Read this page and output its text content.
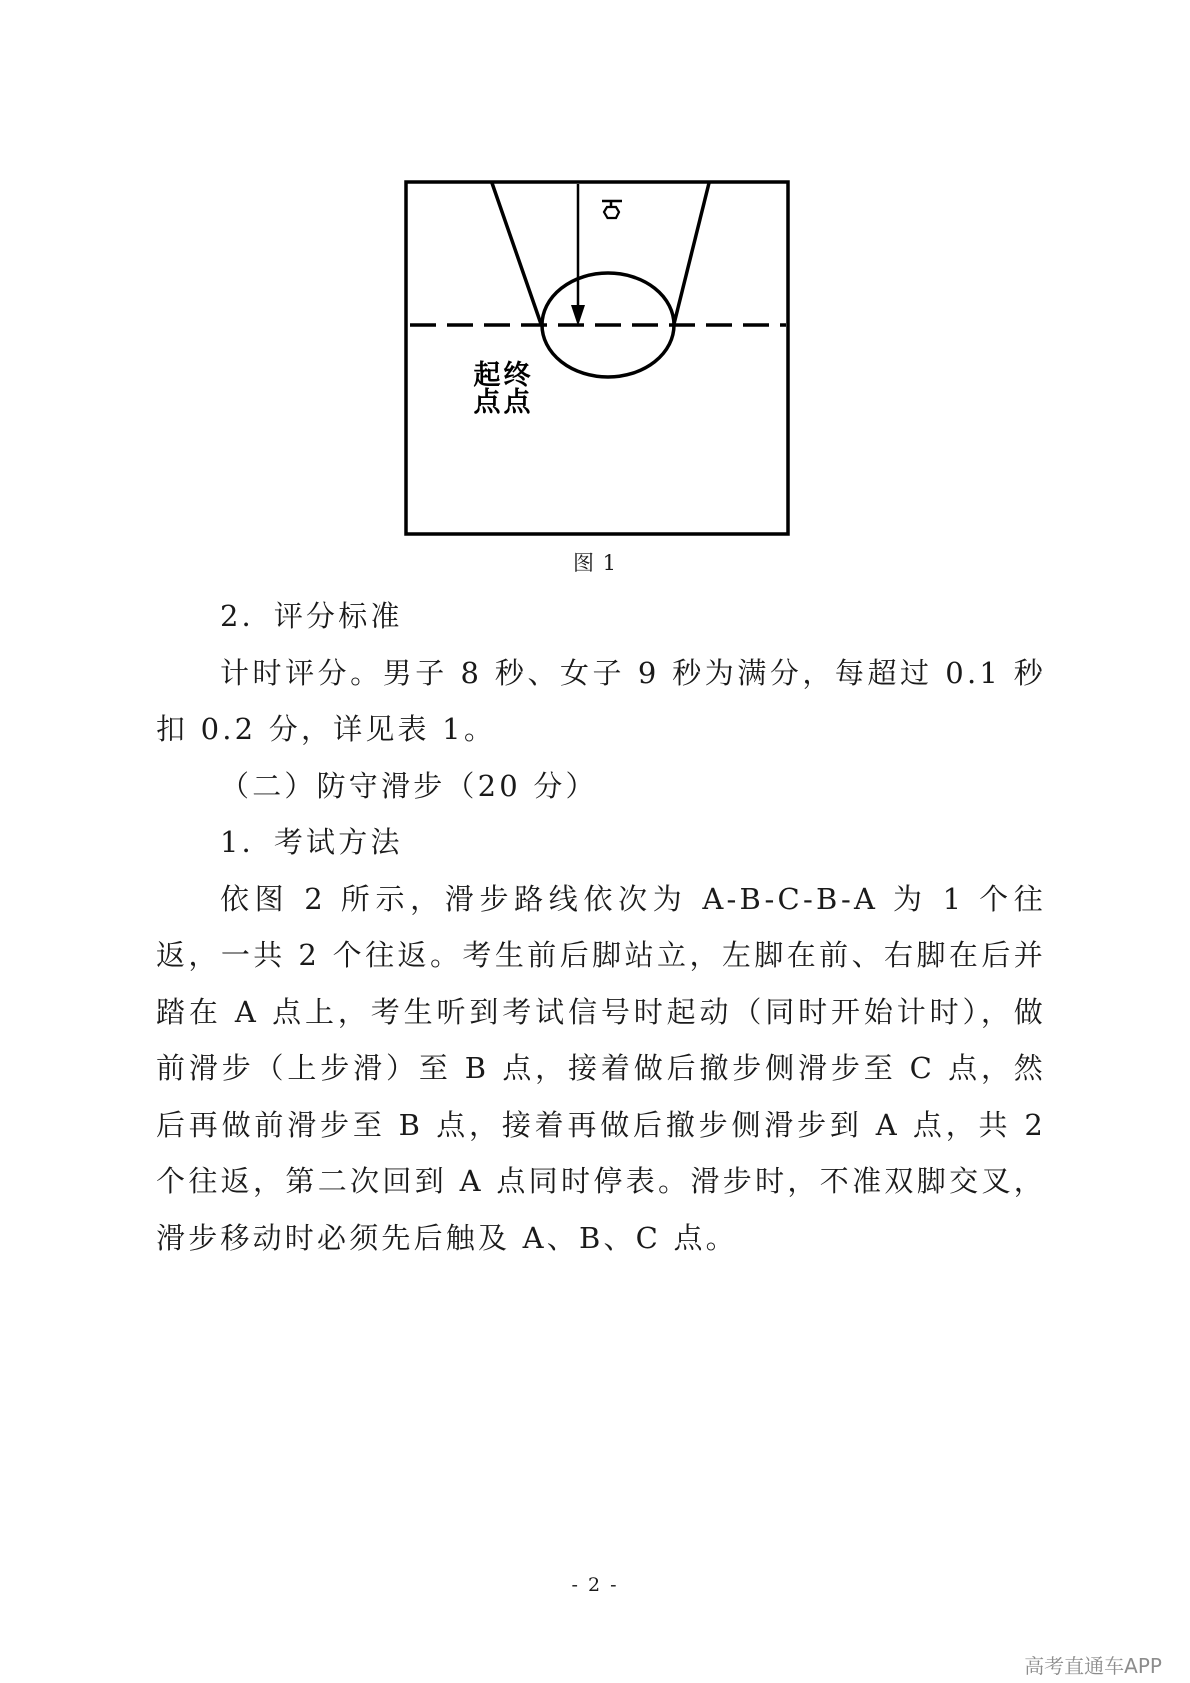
起点 终点
图 1

2．评分标准

计时评分。男子 8 秒、女子 9 秒为满分，每超过 0.1 秒扣 0.2 分，详见表 1。

（二）防守滑步（20 分）

1．考试方法

依图 2 所示，滑步路线依次为 A-B-C-B-A 为 1 个往返，一共 2 个往返。考生前后脚站立，左脚在前、右脚在后并踏在 A 点上，考生听到考试信号时起动（同时开始计时），做前滑步（上步滑）至 B 点，接着做后撤步侧滑步至 C 点，然后再做前滑步至 B 点，接着再做后撤步侧滑步到 A 点，共 2 个往返，第二次回到 A 点同时停表。滑步时，不准双脚交叉，滑步移动时必须先后触及 A、B、C 点。

- 2 -
高考直通车APP
